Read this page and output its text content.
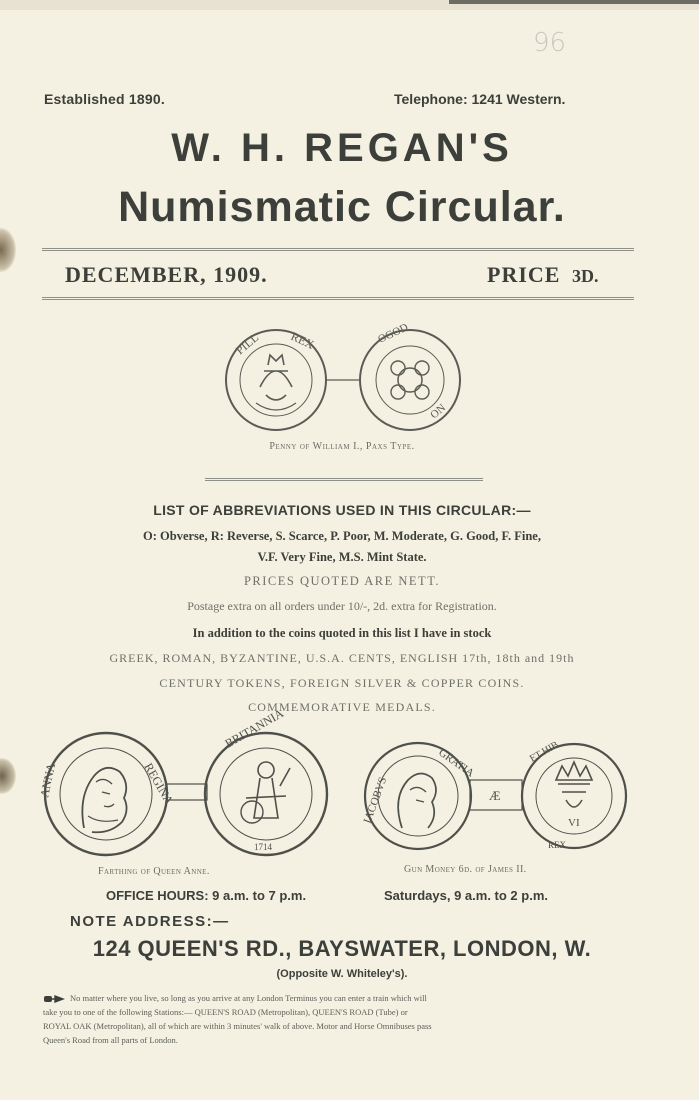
Established 1890.	Telephone: 1241 Western.
96
W. H. REGAN'S
Numismatic Circular.
DECEMBER, 1909.	PRICE 3D.
PILL REX	OGOD
ON
Penny of William I., Paxs Type.
LIST OF ABBREVIATIONS USED IN THIS CIRCULAR:—
O: Obverse, R: Reverse, S. Scarce, P. Poor, M. Moderate, G. Good, F. Fine,
V.F. Very Fine, M.S. Mint State.
PRICES QUOTED ARE NETT.
Postage extra on all orders under 10/-, 2d. extra for Registration.
In addition to the coins quoted in this list I have in stock
GREEK, ROMAN, BYZANTINE, U.S.A. CENTS, ENGLISH 17th, 18th and 19th
CENTURY TOKENS, FOREIGN SILVER & COPPER COINS.
COMMEMORATIVE MEDALS.
ANNA	REGINA
BRITANNIA
1714
IACOBVS
GRATIA
Æ
VI
ET.HIB
REX
Farthing of Queen Anne.	Gun Money 6d. of James II.
OFFICE HOURS: 9 a.m. to 7 p.m.	Saturdays, 9 a.m. to 2 p.m.
NOTE ADDRESS:—
124 QUEEN'S RD., BAYSWATER, LONDON, W.
(Opposite W. Whiteley's).
No matter where you live, so long as you arrive at any London Terminus you can enter a train which will
take you to one of the following Stations:— QUEEN'S ROAD (Metropolitan), QUEEN'S ROAD (Tube) or
ROYAL OAK (Metropolitan), all of which are within 3 minutes' walk of above. Motor and Horse Omnibuses pass
Queen's Road from all parts of London.
